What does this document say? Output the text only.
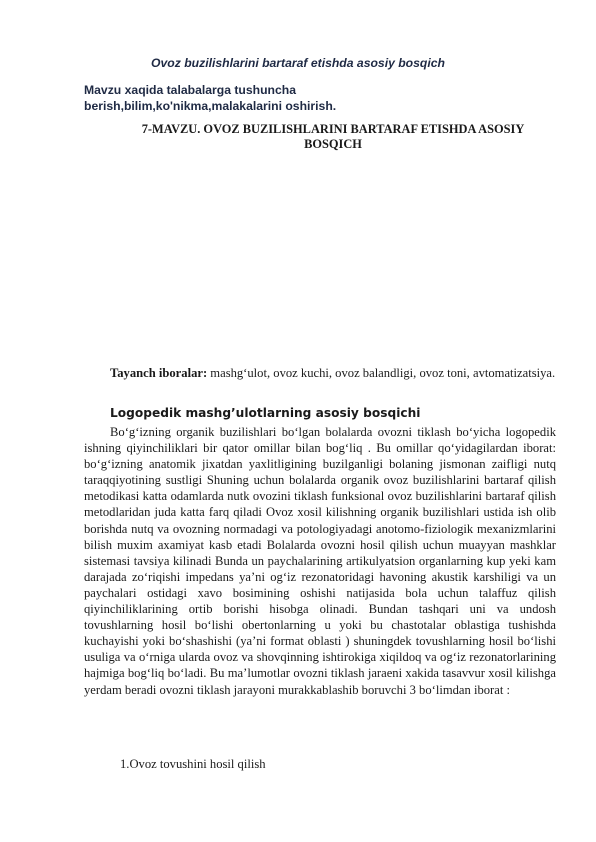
Ovoz buzilishlarini bartaraf etishda asosiy bosqich
Mavzu xaqida talabalarga tushuncha
berish,bilim,ko'nikma,malakalarini oshirish.
7-MAVZU. OVOZ BUZILISHLARINI BARTARAF ETISHDA ASOSIY
BOSQICH
Tayanch iboralar: mashg‘ulot, ovoz kuchi, ovoz balandligi, ovoz toni, avtomatizatsiya.
Logopedik mashg’ulotlarning asosiy bosqichi

Bo‘g‘izning organik buzilishlari bo‘lgan bolalarda ovozni tiklash bo‘yicha logopedik ishning qiyinchiliklari bir qator omillar bilan bog‘liq . Bu omillar qo‘yidagilardan iborat: bo‘g‘izning anatomik jixatdan yaxlitligining buzilganligi bolaning jismonan zaifligi nutq taraqqiyotining sustligi Shuning uchun bolalarda organik ovoz buzilishlarini bartaraf qilish metodikasi katta odamlarda nutk ovozini tiklash funksional ovoz buzilishlarini bartaraf qilish metodlaridan juda katta farq qiladi Ovoz xosil kilishning organik buzilishlari ustida ish olib borishda nutq va ovozning normadagi va potologiyadagi anotomo-fiziologik mexanizmlarini bilish muxim axamiyat kasb etadi Bolalarda ovozni hosil qilish uchun muayyan mashklar sistemasi tavsiya kilinadi Bunda un paychalarining artikulyatsion organlarning kup yeki kam darajada zo‘riqishi impedans ya’ni og‘iz rezonatoridagi havoning akustik karshiligi va un paychalari ostidagi xavo bosimining oshishi natijasida bola uchun talaffuz qilish qiyinchiliklarining ortib borishi hisobga olinadi. Bundan tashqari uni va undosh tovushlarning hosil bo‘lishi obertonlarning u yoki bu chastotalar oblastiga tushishda kuchayishi yoki bo‘shashishi (ya’ni format oblasti ) shuningdek tovushlarning hosil bo‘lishi usuliga va o‘rniga ularda ovoz va shovqinning ishtirokiga xiqildoq va og‘iz rezonatorlarining hajmiga bog‘liq bo‘ladi. Bu ma’lumotlar ovozni tiklash jaraeni xakida tasavvur xosil kilishga yerdam beradi ovozni tiklash jarayoni murakkablashib boruvchi 3 bo‘limdan iborat :

1.Ovoz tovushini hosil qilish
